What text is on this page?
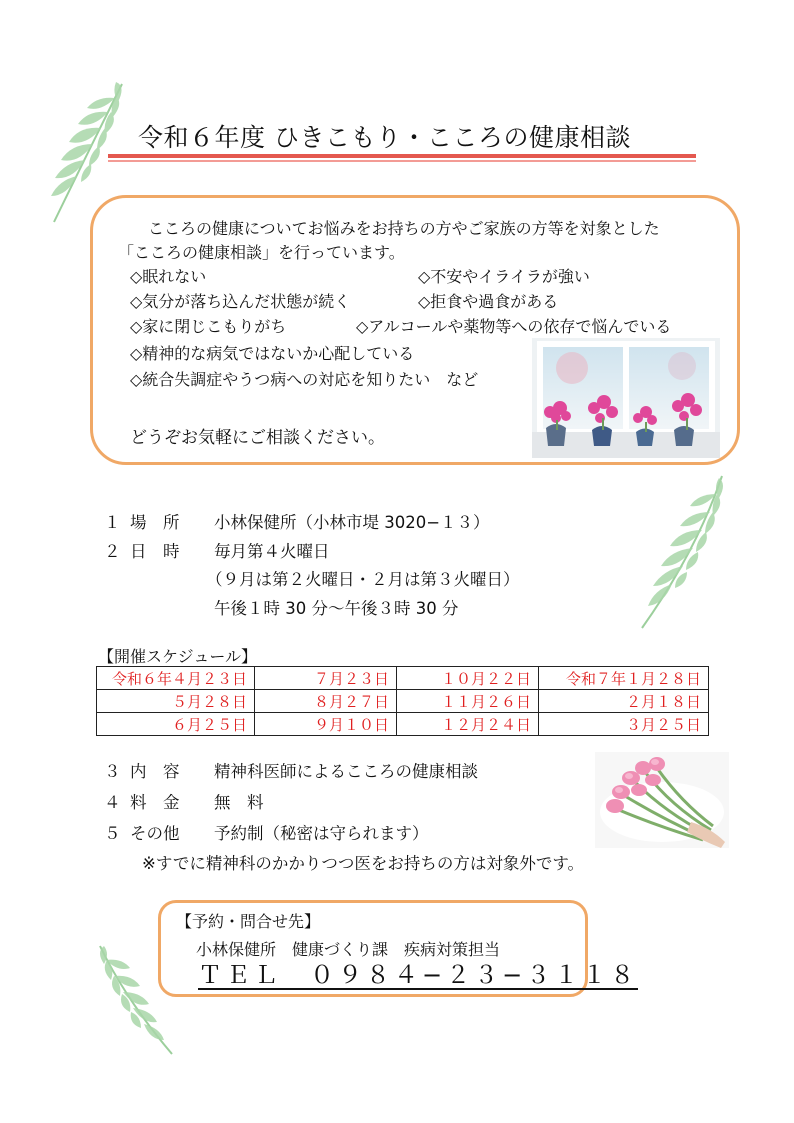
令和６年度 ひきこもり・こころの健康相談
こころの健康についてお悩みをお持ちの方やご家族の方等を対象とした
「こころの健康相談」を行っています。
◇眠れない	◇不安やイライラが強い
◇気分が落ち込んだ状態が続く	◇拒食や過食がある
◇家に閉じこもりがち	◇アルコールや薬物等への依存で悩んでいる
◇精神的な病気ではないか心配している
◇統合失調症やうつ病への対応を知りたい　など
どうぞお気軽にご相談ください。
１ 場　所 小林保健所（小林市堤 3020−１３）
２ 日　時 毎月第４火曜日
（９月は第２火曜日・２月は第３火曜日）
午後１時 30 分〜午後３時 30 分
【開催スケジュール】
令和６年４月２３日	７月２３日	１０月２２日	令和７年１月２８日
５月２８日	８月２７日	１１月２６日	２月１８日
６月２５日	９月１０日	１２月２４日	３月２５日
３ 内　容 精神科医師によるこころの健康相談
４ 料　金 無　料
５ その他 予約制（秘密は守られます）
※すでに精神科のかかりつつ医をお持ちの方は対象外です。
【予約・問合せ先】
小林保健所　健康づくり課　疾病対策担当
ＴＥＬ　０９８４−２３−３１１８
